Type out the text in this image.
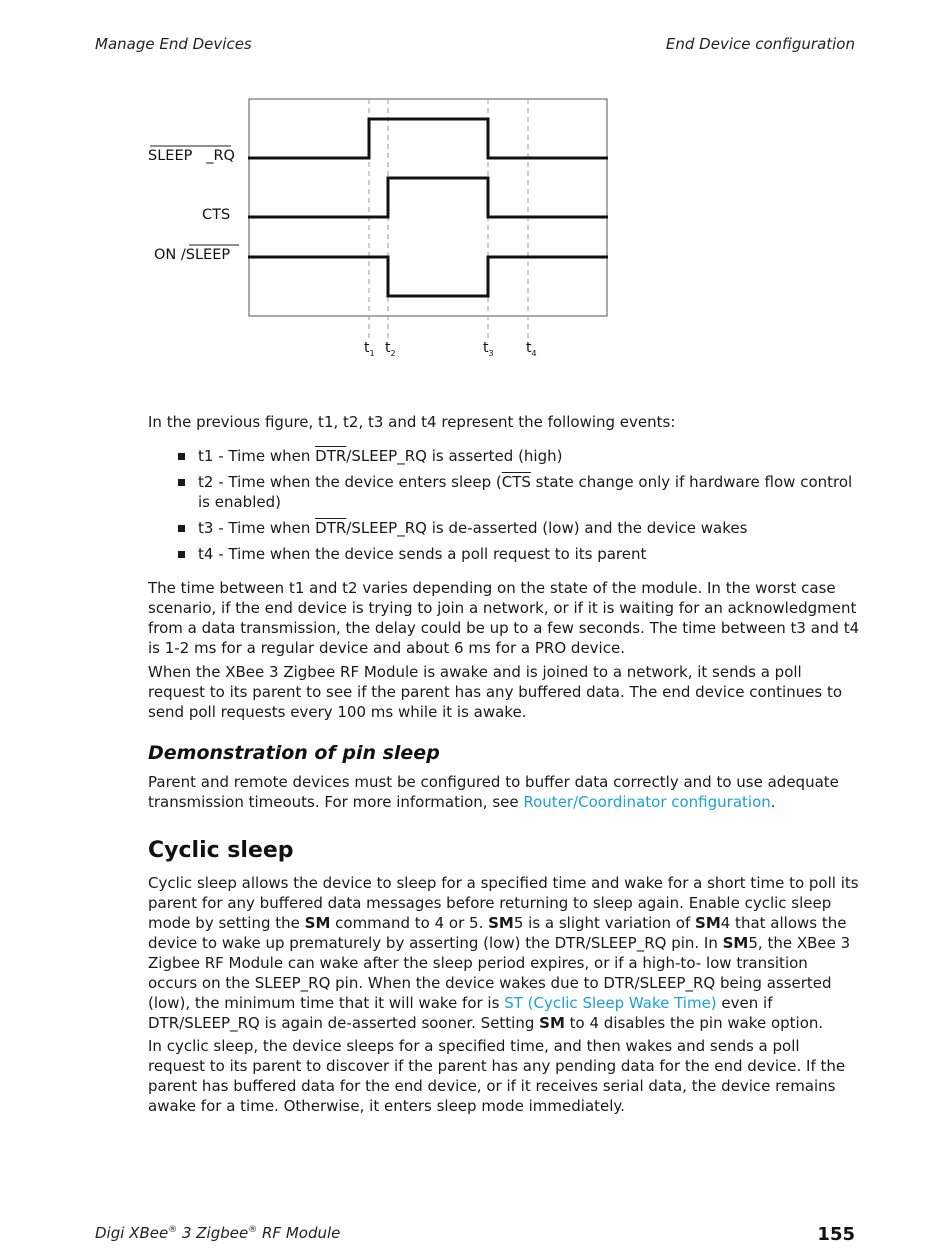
Manage End Devices	End Device configuration
SLEEP _RQ
CTS
ON /SLEEP
$t_1$ $t_2$	$t_3$ $t_4$
In the previous figure, t1, t2, t3 and t4 represent the following events:
t1 - Time when $\overline{DTR}/SLEEP\_RQ$ is asserted (high)
t2 - Time when the device enters sleep ($\overline{CTS}$ state change only if hardware flow control is enabled)
t3 - Time when $\overline{DTR}/SLEEP\_RQ$ is de-asserted (low) and the device wakes
t4 - Time when the device sends a poll request to its parent
The time between t1 and t2 varies depending on the state of the module. In the worst case scenario, if the end device is trying to join a network, or if it is waiting for an acknowledgment from a data transmission, the delay could be up to a few seconds. The time between t3 and t4 is 1-2 ms for a regular device and about 6 ms for a PRO device.
When the XBee 3 Zigbee RF Module is awake and is joined to a network, it sends a poll request to its parent to see if the parent has any buffered data. The end device continues to send poll requests every 100 ms while it is awake.
Demonstration of pin sleep
Parent and remote devices must be configured to buffer data correctly and to use adequate transmission timeouts. For more information, see Router/Coordinator configuration.
Cyclic sleep
Cyclic sleep allows the device to sleep for a specified time and wake for a short time to poll its parent for any buffered data messages before returning to sleep again. Enable cyclic sleep mode by setting the SM command to 4 or 5. SM5 is a slight variation of SM4 that allows the device to wake up prematurely by asserting (low) the DTR/SLEEP_RQ pin. In SM5, the XBee 3 Zigbee RF Module can wake after the sleep period expires, or if a high-to- low transition occurs on the SLEEP_RQ pin. When the device wakes due to DTR/SLEEP_RQ being asserted (low), the minimum time that it will wake for is ST (Cyclic Sleep Wake Time) even if DTR/SLEEP_RQ is again de-asserted sooner. Setting SM to 4 disables the pin wake option.
In cyclic sleep, the device sleeps for a specified time, and then wakes and sends a poll request to its parent to discover if the parent has any pending data for the end device. If the parent has buffered data for the end device, or if it receives serial data, the device remains awake for a time. Otherwise, it enters sleep mode immediately.
Digi XBee® 3 Zigbee® RF Module	155
